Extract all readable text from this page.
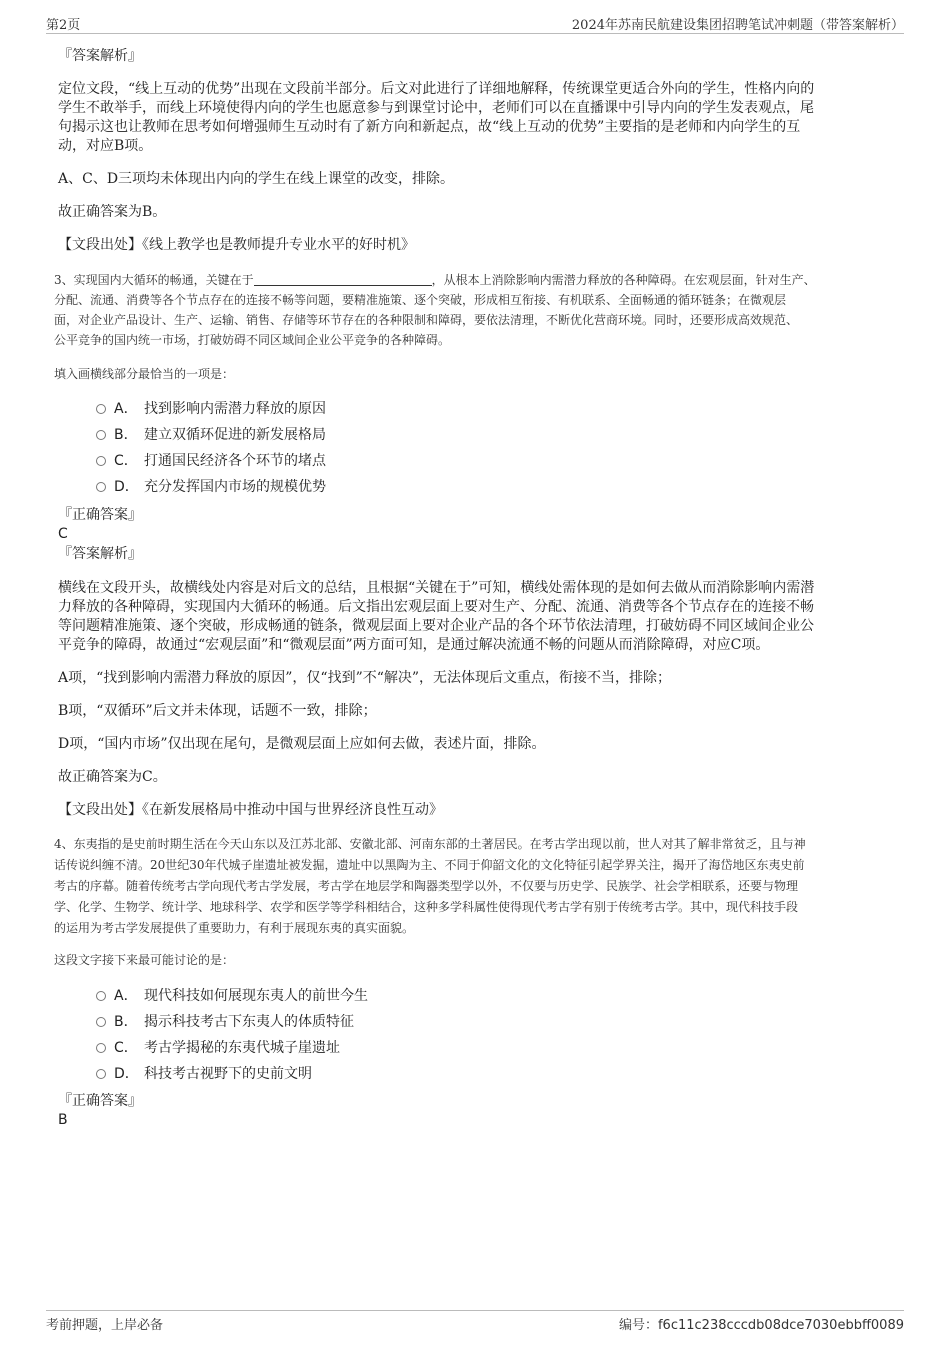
第2页	2024年苏南民航建设集团招聘笔试冲刺题（带答案解析）
『答案解析』
定位文段，“线上互动的优势”出现在文段前半部分。后文对此进行了详细地解释，传统课堂更适合外向的学生，性格内向的
学生不敢举手，而线上环境使得内向的学生也愿意参与到课堂讨论中，老师们可以在直播课中引导内向的学生发表观点，尾
句揭示这也让教师在思考如何增强师生互动时有了新方向和新起点，故“线上互动的优势”主要指的是老师和内向学生的互
动，对应B项。
A、C、D三项均未体现出内向的学生在线上课堂的改变，排除。
故正确答案为B。
【文段出处】《线上教学也是教师提升专业水平的好时机》
3、实现国内大循环的畅通，关键在于	，从根本上消除影响内需潜力释放的各种障碍。在宏观层面，针对生产、
分配、流通、消费等各个节点存在的连接不畅等问题，要精准施策、逐个突破，形成相互衔接、有机联系、全面畅通的循环链条；在微观层
面，对企业产品设计、生产、运输、销售、存储等环节存在的各种限制和障碍，要依法清理，不断优化营商环境。同时，还要形成高效规范、
公平竞争的国内统一市场，打破妨碍不同区域间企业公平竞争的各种障碍。
填入画横线部分最恰当的一项是：
A． 找到影响内需潜力释放的原因
B． 建立双循环促进的新发展格局
C． 打通国民经济各个环节的堵点
D． 充分发挥国内市场的规模优势
『正确答案』
C
『答案解析』
横线在文段开头，故横线处内容是对后文的总结，且根据“关键在于”可知，横线处需体现的是如何去做从而消除影响内需潜
力释放的各种障碍，实现国内大循环的畅通。后文指出宏观层面上要对生产、分配、流通、消费等各个节点存在的连接不畅
等问题精准施策、逐个突破，形成畅通的链条，微观层面上要对企业产品的各个环节依法清理，打破妨碍不同区域间企业公
平竞争的障碍，故通过“宏观层面”和“微观层面”两方面可知，是通过解决流通不畅的问题从而消除障碍，对应C项。
A项，“找到影响内需潜力释放的原因”，仅“找到”不“解决”，无法体现后文重点，衔接不当，排除；
B项，“双循环”后文并未体现，话题不一致，排除；
D项，“国内市场”仅出现在尾句，是微观层面上应如何去做，表述片面，排除。
故正确答案为C。
【文段出处】《在新发展格局中推动中国与世界经济良性互动》
4、东夷指的是史前时期生活在今天山东以及江苏北部、安徽北部、河南东部的土著居民。在考古学出现以前，世人对其了解非常贫乏，且与神
话传说纠缠不清。20世纪30年代城子崖遗址被发掘，遗址中以黑陶为主、不同于仰韶文化的文化特征引起学界关注，揭开了海岱地区东夷史前
考古的序幕。随着传统考古学向现代考古学发展，考古学在地层学和陶器类型学以外，不仅要与历史学、民族学、社会学相联系，还要与物理
学、化学、生物学、统计学、地球科学、农学和医学等学科相结合，这种多学科属性使得现代考古学有别于传统考古学。其中，现代科技手段
的运用为考古学发展提供了重要助力，有利于展现东夷的真实面貌。
这段文字接下来最可能讨论的是：
A． 现代科技如何展现东夷人的前世今生
B． 揭示科技考古下东夷人的体质特征
C． 考古学揭秘的东夷代城子崖遗址
D． 科技考古视野下的史前文明
『正确答案』
B
考前押题，上岸必备	编号：f6c11c238cccdb08dce7030ebbff0089
